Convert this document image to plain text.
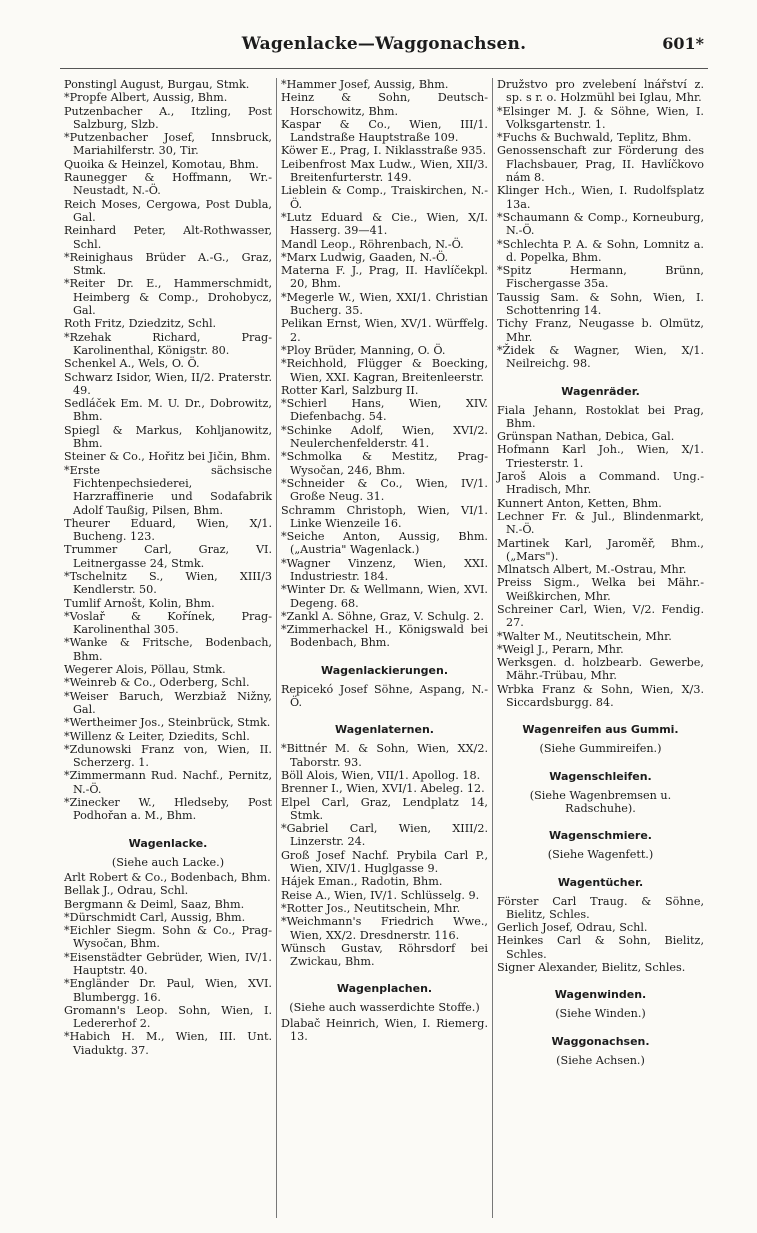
Wagenlacke—Waggonachsen.	601*

Ponstingl August, Burgau, Stmk.

*Propfe Albert, Aussig, Bhm.

Putzenbacher A., Itzling, Post Salzburg, Slzb.

*Putzenbacher Josef, Innsbruck, Mariahilferstr. 30, Tir.

Quoika & Heinzel, Komotau, Bhm.

Raunegger & Hoffmann, Wr.-Neustadt, N.-Ö.

Reich Moses, Cergowa, Post Dubla, Gal.

Reinhard Peter, Alt-Rothwasser, Schl.

*Reinighaus Brüder A.-G., Graz, Stmk.

*Reiter Dr. E., Hammerschmidt, Heimberg & Comp., Drohobycz, Gal.

Roth Fritz, Dziedzitz, Schl.

*Rzehak Richard, Prag-Karolinenthal, Königstr. 80.

Schenkel A., Wels, O. Ö.

Schwarz Isidor, Wien, II/2. Praterstr. 49.

Sedláček Em. M. U. Dr., Dobrowitz, Bhm.

Spiegl & Markus, Kohljanowitz, Bhm.

Steiner & Co., Hořitz bei Jičin, Bhm.

*Erste sächsische Fichtenpechsiederei, Harzraffinerie und Sodafabrik Adolf Taußig, Pilsen, Bhm.

Theurer Eduard, Wien, X/1. Bucheng. 123.

Trummer Carl, Graz, VI. Leitnergasse 24, Stmk.

*Tschelnitz S., Wien, XIII/3 Kendlerstr. 50.

Tumlif Arnošt, Kolin, Bhm.

*Voslař & Kořínek, Prag-Karolinenthal 305.

*Wanke & Fritsche, Bodenbach, Bhm.

Wegerer Alois, Pöllau, Stmk.

*Weinreb & Co., Oderberg, Schl.

*Weiser Baruch, Werzbiaž Nižny, Gal.

*Wertheimer Jos., Steinbrück, Stmk.

*Willenz & Leiter, Dziedits, Schl.

*Zdunowski Franz von, Wien, II. Scherzerg. 1.

*Zimmermann Rud. Nachf., Pernitz, N.-Ö.

*Zinecker W., Hledseby, Post Podhořan a. M., Bhm.

Wagenlacke.

(Siehe auch Lacke.)

Arlt Robert & Co., Bodenbach, Bhm.

Bellak J., Odrau, Schl.

Bergmann & Deiml, Saaz, Bhm.

*Dürschmidt Carl, Aussig, Bhm.

*Eichler Siegm. Sohn & Co., Prag-Wysočan, Bhm.

*Eisenstädter Gebrüder, Wien, IV/1. Hauptstr. 40.

*Engländer Dr. Paul, Wien, XVI. Blumbergg. 16.

Gromann's Leop. Sohn, Wien, I. Ledererhof 2.

*Habich H. M., Wien, III. Unt. Viaduktg. 37.

*Hammer Josef, Aussig, Bhm.

Heinz & Sohn, Deutsch-Horschowitz, Bhm.

Kaspar & Co., Wien, III/1. Landstraße Hauptstraße 109.

Köwer E., Prag, I. Niklasstraße 935.

Leibenfrost Max Ludw., Wien, XII/3. Breitenfurterstr. 149.

Lieblein & Comp., Traiskirchen, N.-Ö.

*Lutz Eduard & Cie., Wien, X/I. Hasserg. 39—41.

Mandl Leop., Röhrenbach, N.-Ö.

*Marx Ludwig, Gaaden, N.-Ö.

Materna F. J., Prag, II. Havlíčekpl. 20, Bhm.

*Megerle W., Wien, XXI/1. Christian Bucherg. 35.

Pelikan Ernst, Wien, XV/1. Würffelg. 2.

*Ploy Brüder, Manning, O. Ö.

*Reichhold, Flügger & Boecking, Wien, XXI. Kagran, Breitenleerstr.

Rotter Karl, Salzburg II.

*Schierl Hans, Wien, XIV. Diefenbachg. 54.

*Schinke Adolf, Wien, XVI/2. Neulerchenfelderstr. 41.

*Schmolka & Mestitz, Prag-Wysočan, 246, Bhm.

*Schneider & Co., Wien, IV/1. Große Neug. 31.

Schramm Christoph, Wien, VI/1. Linke Wienzeile 16.

*Seiche Anton, Aussig, Bhm. („Austria" Wagenlack.)

*Wagner Vinzenz, Wien, XXI. Industriestr. 184.

*Winter Dr. & Wellmann, Wien, XVI. Degeng. 68.

*Zankl A. Söhne, Graz, V. Schulg. 2.

*Zimmerhackel H., Königswald bei Bodenbach, Bhm.

Wagenlackierungen.

Repicekó Josef Söhne, Aspang, N.-Ö.

Wagenlaternen.

*Bittnér M. & Sohn, Wien, XX/2. Taborstr. 93.

Böll Alois, Wien, VII/1. Apollog. 18.

Brenner I., Wien, XVI/1. Abeleg. 12.

Elpel Carl, Graz, Lendplatz 14, Stmk.

*Gabriel Carl, Wien, XIII/2. Linzerstr. 24.

Groß Josef Nachf. Prybila Carl P., Wien, XIV/1. Huglgasse 9.

Hájek Eman., Radotin, Bhm.

Reise A., Wien, IV/1. Schlüsselg. 9.

*Rotter Jos., Neutitschein, Mhr.

*Weichmann's Friedrich Wwe., Wien, XX/2. Dresdnerstr. 116.

Wünsch Gustav, Röhrsdorf bei Zwickau, Bhm.

Wagenplachen.

(Siehe auch wasserdichte Stoffe.)

Dlabač Heinrich, Wien, I. Riemerg. 13.

Družstvo pro zvelebení lnářství z. sp. s r. o. Holzmühl bei Iglau, Mhr.

*Elsinger M. J. & Söhne, Wien, I. Volksgartenstr. 1.

*Fuchs & Buchwald, Teplitz, Bhm.

Genossenschaft zur Förderung des Flachsbauer, Prag, II. Havlíčkovo nám 8.

Klinger Hch., Wien, I. Rudolfsplatz 13a.

*Schaumann & Comp., Korneuburg, N.-Ö.

*Schlechta P. A. & Sohn, Lomnitz a. d. Popelka, Bhm.

*Spitz Hermann, Brünn, Fischergasse 35a.

Taussig Sam. & Sohn, Wien, I. Schottenring 14.

Tichy Franz, Neugasse b. Olmütz, Mhr.

*Židek & Wagner, Wien, X/1. Neilreichg. 98.

Wagenräder.

Fiala Jehann, Rostoklat bei Prag, Bhm.

Grünspan Nathan, Debica, Gal.

Hofmann Karl Joh., Wien, X/1. Triesterstr. 1.

Jaroš Alois a Command. Ung.-Hradisch, Mhr.

Kunnert Anton, Ketten, Bhm.

Lechner Fr. & Jul., Blindenmarkt, N.-Ö.

Martinek Karl, Jaroměř, Bhm., („Mars").

Mlnatsch Albert, M.-Ostrau, Mhr.

Preiss Sigm., Welka bei Mähr.-Weißkirchen, Mhr.

Schreiner Carl, Wien, V/2. Fendig. 27.

*Walter M., Neutitschein, Mhr.

*Weigl J., Perarn, Mhr.

Werksgen. d. holzbearb. Gewerbe, Mähr.-Trübau, Mhr.

Wrbka Franz & Sohn, Wien, X/3. Siccardsburgg. 84.

Wagenreifen aus Gummi.

(Siehe Gummireifen.)

Wagenschleifen.

(Siehe Wagenbremsen u. Radschuhe).

Wagenschmiere.

(Siehe Wagenfett.)

Wagentücher.

Förster Carl Traug. & Söhne, Bielitz, Schles.

Gerlich Josef, Odrau, Schl.

Heinkes Carl & Sohn, Bielitz, Schles.

Signer Alexander, Bielitz, Schles.

Wagenwinden.

(Siehe Winden.)

Waggonachsen.

(Siehe Achsen.)
